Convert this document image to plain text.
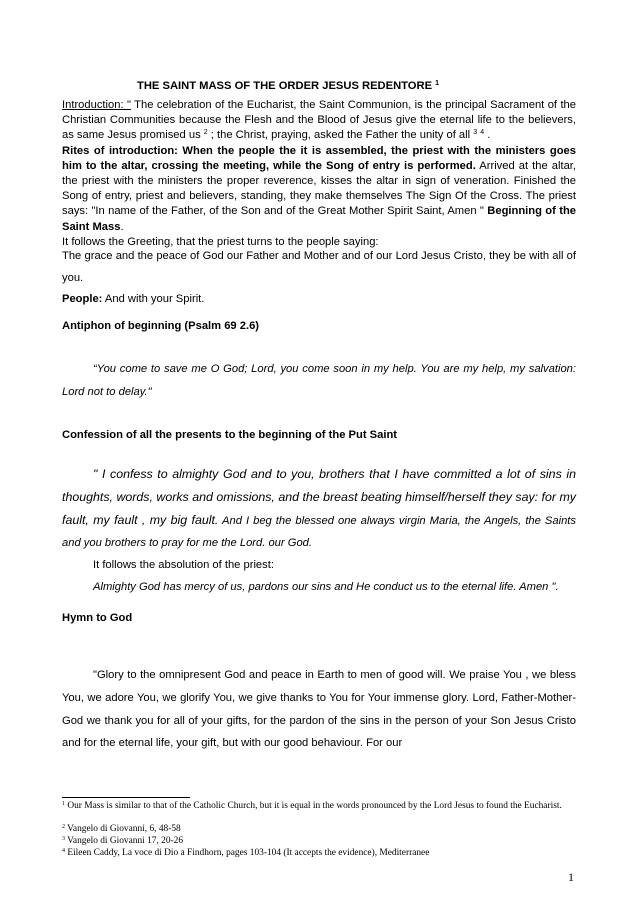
THE SAINT MASS OF THE ORDER JESUS REDENTORE $^1$
Introduction: " The celebration of the Eucharist, the Saint Communion, is the principal Sacrament of the Christian Communities because the Flesh and the Blood of Jesus give the eternal life to the believers, as same Jesus promised us $^2$ ; the Christ, praying, asked the Father the unity of all $^3$ $^4$ .
Rites of introduction: When the people the it is assembled, the priest with the ministers goes him to the altar, crossing the meeting, while the Song of entry is performed. Arrived at the altar, the priest with the ministers the proper reverence, kisses the altar in sign of veneration. Finished the Song of entry, priest and believers, standing, they make themselves The Sign Of the Cross. The priest says: "In name of the Father, of the Son and of the Great Mother Spirit Saint, Amen " Beginning of the Saint Mass.
It follows the Greeting, that the priest turns to the people saying:
The grace and the peace of God our Father and Mother and of our Lord Jesus Cristo, they be with all of you.
People: And with your Spirit.
Antiphon of beginning (Psalm 69 2.6)
“You come to save me O God; Lord, you come soon in my help. You are my help, my salvation: Lord not to delay."
Confession of all the presents to the beginning of the Put Saint
" I confess to almighty God and to you, brothers that I have committed a lot of sins in thoughts, words, works and omissions, and the breast beating himself/herself they say: for my fault, my fault , my big fault. And I beg the blessed one always virgin Maria, the Angels, the Saints and you brothers to pray for me the Lord. our God.
It follows the absolution of the priest:
Almighty God has mercy of us, pardons our sins and He conduct us to the eternal life. Amen ".
Hymn to God
"Glory to the omnipresent God and peace in Earth to men of good will. We praise You , we bless You, we adore You, we glorify You, we give thanks to You for Your immense glory. Lord, Father-Mother-God we thank you for all of your gifts, for the pardon of the sins in the person of your Son Jesus Cristo and for the eternal life, your gift, but with our good behaviour. For our
$^1$ Our Mass is similar to that of the Catholic Church, but it is equal in the words pronounced by the Lord Jesus to found the Eucharist.
$^2$ Vangelo di Giovanni, 6, 48-58
$^3$ Vangelo di Giovanni 17, 20-26
$^4$ Eileen Caddy, La voce di Dio a Findhorn, pages 103-104 (It accepts the evidence), Mediterranee
1
